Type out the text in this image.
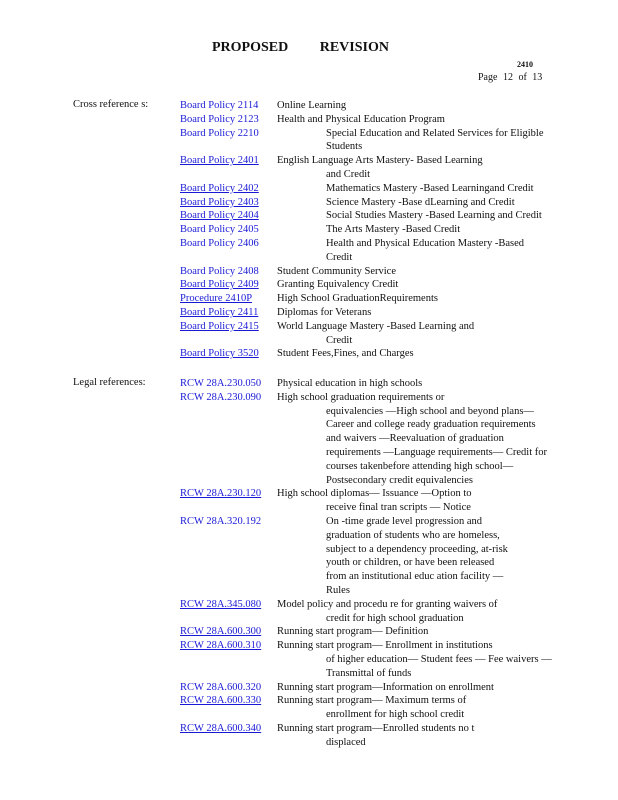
PROPOSED REVISION
2410
Page 12 of 13
Cross reference s:	Board Policy 2114 Online Learning
Board Policy 2123 Health and Physical Education Program
Board Policy 2210	Special Education and Related Services for Eligible
Students
Board Policy 2401 English Language Arts Mastery- Based Learning
and Credit
Board Policy 2402	Mathematics Mastery -Based Learningand Credit
Board Policy 2403	Science Mastery -Base dLearning and Credit
Board Policy 2404	Social Studies Mastery -Based Learning and Credit
Board Policy 2405	The Arts Mastery -Based Credit
Board Policy 2406	Health and Physical Education Mastery -Based
Credit
Board Policy 2408 Student Community Service
Board Policy 2409 Granting Equivalency Credit
Procedure 2410P High School GraduationRequirements
Board Policy 2411 Diplomas for Veterans
Board Policy 2415 World Language Mastery -Based Learning and
Credit
Board Policy 3520 Student Fees,Fines, and Charges
Legal references:	RCW 28A.230.050 Physical education in high schools
RCW 28A.230.090 High school graduation requirements or
equivalencies —High school and beyond plans—
Career and college ready graduation requirements
and waivers —Reevaluation of graduation
requirements —Language requirements— Credit for
courses takenbefore attending high school—
Postsecondary credit equivalencies
RCW 28A.230.120 High school diplomas— Issuance —Option to
receive final tran scripts — Notice
RCW 28A.320.192	On -time grade level progression and
graduation of students who are homeless,
subject to a dependency proceeding, at-risk
youth or children, or have been released
from an institutional educ ation facility —
Rules
RCW 28A.345.080 Model policy and procedu re for granting waivers of
credit for high school graduation
RCW 28A.600.300 Running start program— Definition
RCW 28A.600.310 Running start program— Enrollment in institutions
of higher education— Student fees — Fee waivers —
Transmittal of funds
RCW 28A.600.320 Running start program—Information on enrollment
RCW 28A.600.330 Running start program— Maximum terms of
enrollment for high school credit
RCW 28A.600.340 Running start program—Enrolled students no t
displaced
